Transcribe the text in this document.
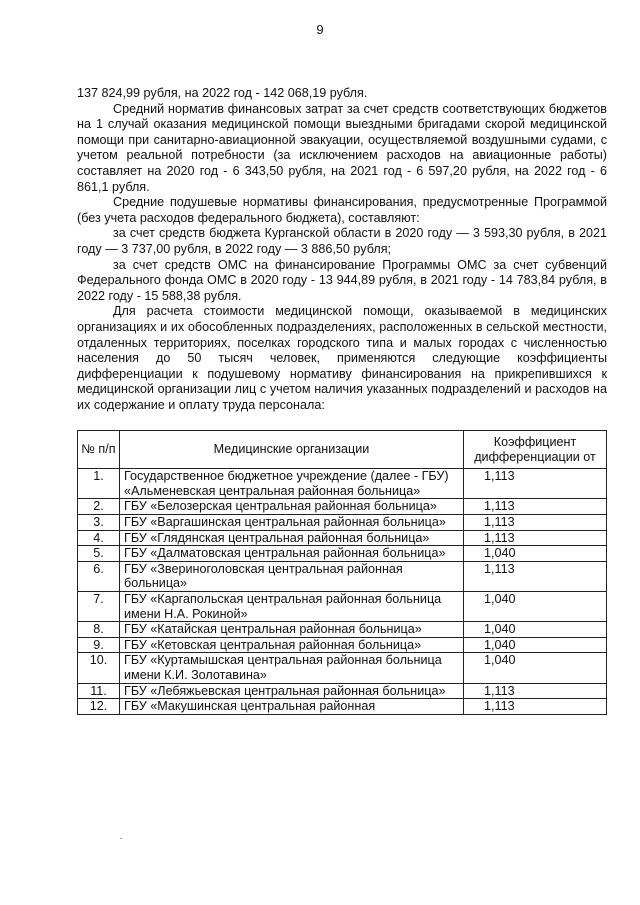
9

137 824,99 рубля, на 2022 год - 142 068,19 рубля.

Средний норматив финансовых затрат за счет средств соответствующих бюджетов на 1 случай оказания медицинской помощи выездными бригадами скорой медицинской помощи при санитарно-авиационной эвакуации, осуществляемой воздушными судами, с учетом реальной потребности (за исключением расходов на авиационные работы) составляет на 2020 год - 6 343,50 рубля, на 2021 год - 6 597,20 рубля, на 2022 год - 6 861,1 рубля.

Средние подушевые нормативы финансирования, предусмотренные Программой (без учета расходов федерального бюджета), составляют:

за счет средств бюджета Курганской области в 2020 году — 3 593,30 рубля, в 2021 году — 3 737,00 рубля, в 2022 году — 3 886,50 рубля;

за счет средств ОМС на финансирование Программы ОМС за счет субвенций Федерального фонда ОМС в 2020 году - 13 944,89 рубля, в 2021 году - 14 783,84 рубля, в 2022 году - 15 588,38 рубля.

Для расчета стоимости медицинской помощи, оказываемой в медицинских организациях и их обособленных подразделениях, расположенных в сельской местности, отдаленных территориях, поселках городского типа и малых городах с численностью населения до 50 тысяч человек, применяются следующие коэффициенты дифференциации к подушевому нормативу финансирования на прикрепившихся к медицинской организации лиц с учетом наличия указанных подразделений и расходов на их содержание и оплату труда персонала:

№ п/п	Медицинские организации	Коэффициент дифференциации от
1.	Государственное бюджетное учреждение (далее - ГБУ) «Альменевская центральная районная больница»	1,113
2.	ГБУ «Белозерская центральная районная больница»	1,113
3.	ГБУ «Варгашинская центральная районная больница»	1,113
4.	ГБУ «Глядянская центральная районная больница»	1,113
5.	ГБУ «Далматовская центральная районная больница»	1,040
6.	ГБУ «Звериноголовская центральная районная больница»	1,113
7.	ГБУ «Каргапольская центральная районная больница имени Н.А. Рокиной»	1,040
8.	ГБУ «Катайская центральная районная больница»	1,040
9.	ГБУ «Кетовская центральная районная больница»	1,040
10.	ГБУ «Куртамышская центральная районная больница имени К.И. Золотавина»	1,040
11.	ГБУ «Лебяжьевская центральная районная больница»	1,113
12.	ГБУ «Макушинская центральная районная	1,113
